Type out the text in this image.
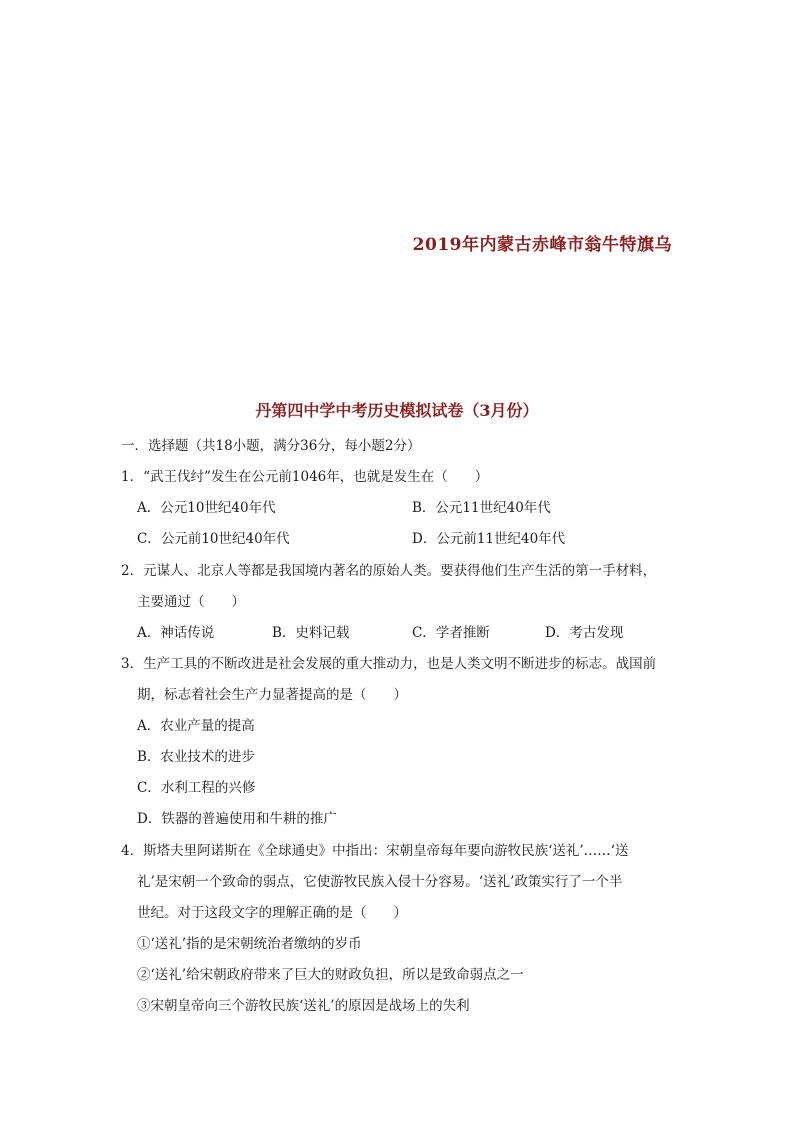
2019年内蒙古赤峰市翁牛特旗乌
丹第四中学中考历史模拟试卷（3月份）
一．选择题（共18小题，满分36分，每小题2分）
1．“武王伐纣”发生在公元前1046年，也就是发生在（　　）
A．公元10世纪40年代	B．公元11世纪40年代
C．公元前10世纪40年代	D．公元前11世纪40年代
2．元谋人、北京人等都是我国境内著名的原始人类。要获得他们生产生活的第一手材料，
主要通过（　　）
A．神话传说	B．史料记载	C．学者推断	D．考古发现
3．生产工具的不断改进是社会发展的重大推动力，也是人类文明不断进步的标志。战国前
期，标志着社会生产力显著提高的是（　　）
A．农业产量的提高
B．农业技术的进步
C．水利工程的兴修
D．铁器的普遍使用和牛耕的推广
4．斯塔夫里阿诺斯在《全球通史》中指出：宋朝皇帝每年要向游牧民族‘送礼’……‘送
礼’是宋朝一个致命的弱点，它使游牧民族入侵十分容易。‘送礼’政策实行了一个半
世纪。对于这段文字的理解正确的是（　　）
①‘送礼’指的是宋朝统治者缴纳的岁币
②‘送礼’给宋朝政府带来了巨大的财政负担，所以是致命弱点之一
③宋朝皇帝向三个游牧民族‘送礼’的原因是战场上的失利
